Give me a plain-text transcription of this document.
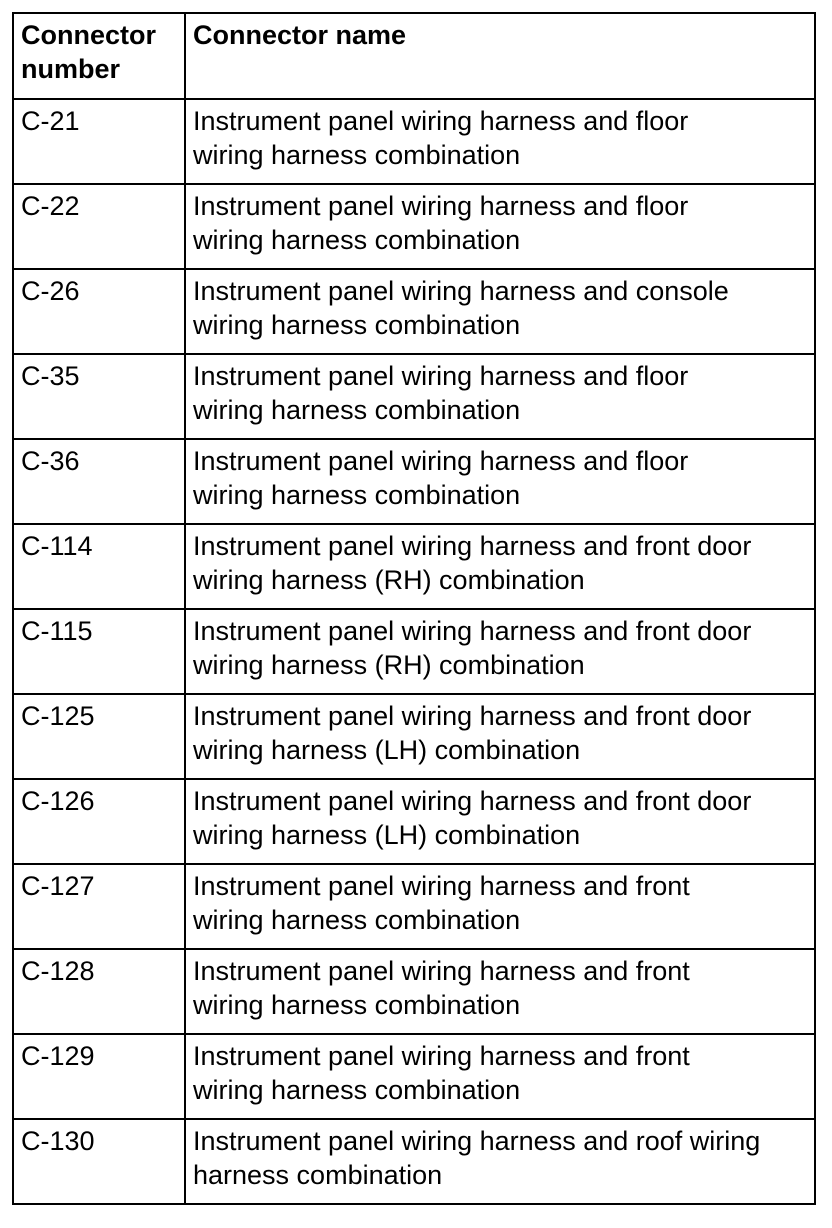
Connector
number	Connector name

C-21	Instrument panel wiring harness and floor
wiring harness combination

C-22	Instrument panel wiring harness and floor
wiring harness combination

C-26	Instrument panel wiring harness and console
wiring harness combination

C-35	Instrument panel wiring harness and floor
wiring harness combination

C-36	Instrument panel wiring harness and floor
wiring harness combination

C-114	Instrument panel wiring harness and front door
wiring harness (RH) combination

C-115	Instrument panel wiring harness and front door
wiring harness (RH) combination

C-125	Instrument panel wiring harness and front door
wiring harness (LH) combination

C-126	Instrument panel wiring harness and front door
wiring harness (LH) combination

C-127	Instrument panel wiring harness and front
wiring harness combination

C-128	Instrument panel wiring harness and front
wiring harness combination

C-129	Instrument panel wiring harness and front
wiring harness combination

C-130	Instrument panel wiring harness and roof wiring
harness combination
